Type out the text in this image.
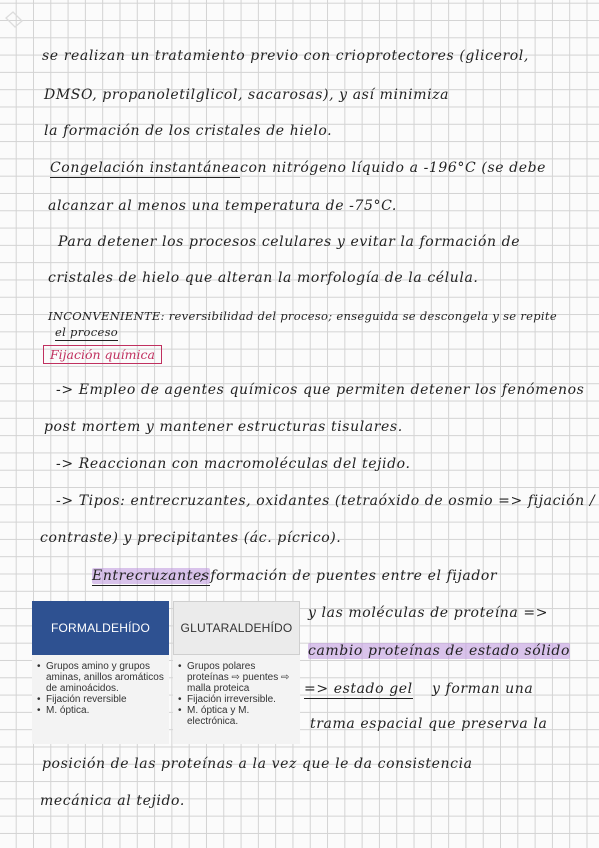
se realizan un tratamiento previo con crioprotectores (glicerol,
DMSO, propanoletilglicol, sacarosas), y así minimiza
la formación de los cristales de hielo.
Congelación instantánea con nitrógeno líquido a -196°C (se debe
alcanzar al menos una temperatura de -75°C.
Para detener los procesos celulares y evitar la formación de
cristales de hielo que alteran la morfología de la célula.
INCONVENIENTE: reversibilidad del proceso; enseguida se descongela y se repite
el proceso
Fijación química
-> Empleo de agentes químicos que permiten detener los fenómenos
post mortem y mantener estructuras tisulares.
-> Reaccionan con macromoléculas del tejido.
-> Tipos: entrecruzantes, oxidantes (tetraóxido de osmio => fijación /
contraste) y precipitantes (ác. pícrico).
Entrecruzantes
; formación de puentes entre el fijador
y las moléculas de proteína =>
cambio proteínas de estado sólido
=> estado gel y forman una
trama espacial que preserva la
posición de las proteínas a la vez que le da consistencia
mecánica al tejido.
FORMALDEHÍDO
• Grupos amino y grupos aminas, anillos aromáticos de aminoácidos.
• Fijación reversible
• M. óptica.
GLUTARALDEHÍDO
• Grupos polares proteínas ⇨ puentes ⇨ malla proteica
• Fijación irreversible.
• M. óptica y M. electrónica.
